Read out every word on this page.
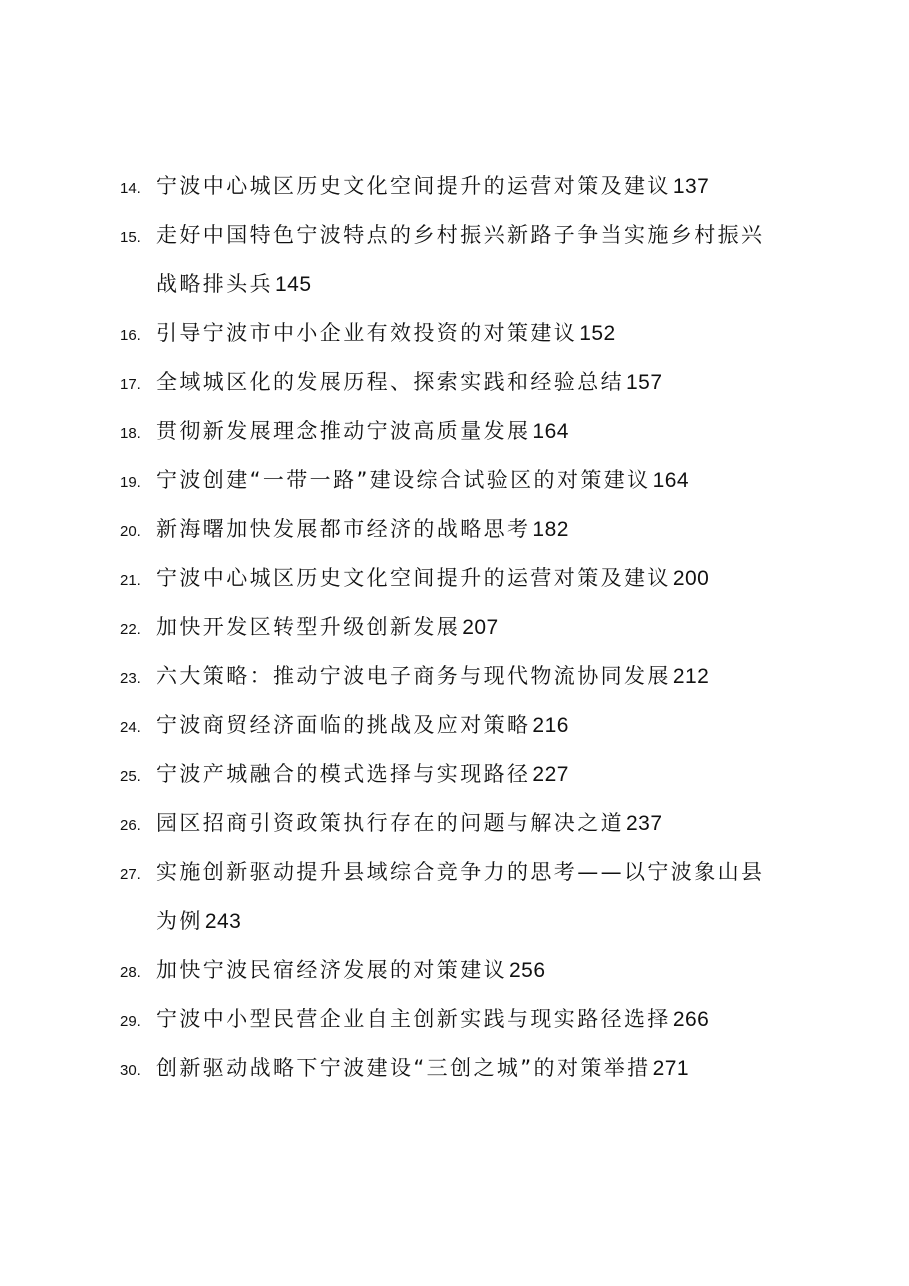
14. 宁波中心城区历史文化空间提升的运营对策及建议137
15. 走好中国特色宁波特点的乡村振兴新路子争当实施乡村振兴
战略排头兵145
16. 引导宁波市中小企业有效投资的对策建议152
17. 全域城区化的发展历程、探索实践和经验总结157
18. 贯彻新发展理念推动宁波高质量发展164
19. 宁波创建“一带一路”建设综合试验区的对策建议164
20. 新海曙加快发展都市经济的战略思考182
21. 宁波中心城区历史文化空间提升的运营对策及建议200
22. 加快开发区转型升级创新发展207
23. 六大策略：推动宁波电子商务与现代物流协同发展212
24. 宁波商贸经济面临的挑战及应对策略216
25. 宁波产城融合的模式选择与实现路径227
26. 园区招商引资政策执行存在的问题与解决之道237
27. 实施创新驱动提升县域综合竞争力的思考——以宁波象山县
为例243
28. 加快宁波民宿经济发展的对策建议256
29. 宁波中小型民营企业自主创新实践与现实路径选择266
30. 创新驱动战略下宁波建设“三创之城”的对策举措271
